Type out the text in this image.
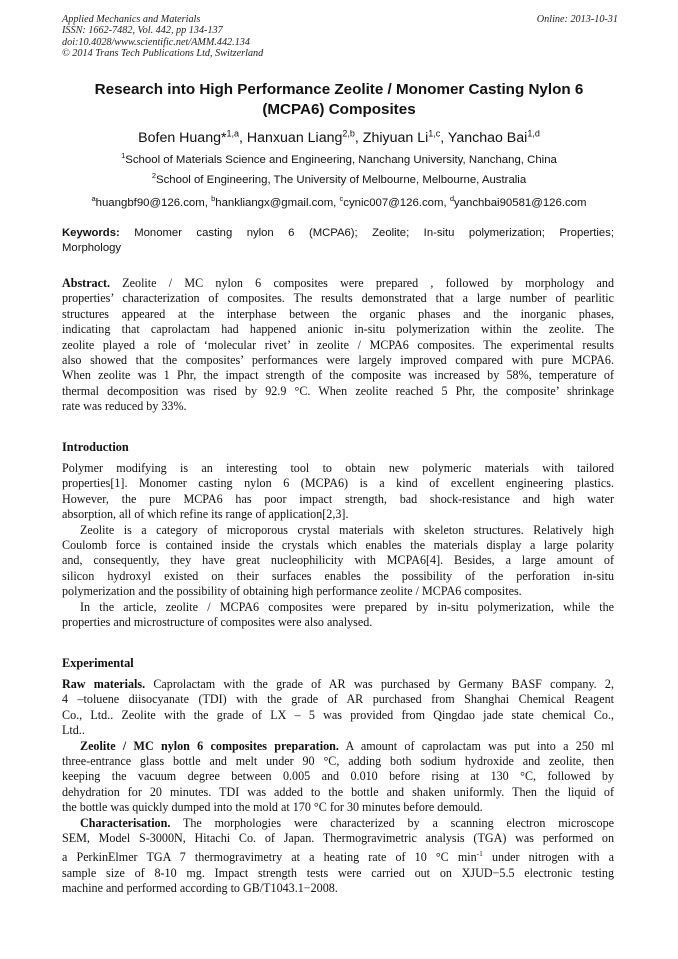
Applied Mechanics and Materials
ISSN: 1662-7482, Vol. 442, pp 134-137
doi:10.4028/www.scientific.net/AMM.442.134
© 2014 Trans Tech Publications Ltd, Switzerland
Online: 2013-10-31
Research into High Performance Zeolite / Monomer Casting Nylon 6
(MCPA6) Composites
Bofen Huang*$^{1,a}$, Hanxuan Liang$^{2,b}$, Zhiyuan Li$^{1,c}$, Yanchao Bai$^{1,d}$
$^1$School of Materials Science and Engineering, Nanchang University, Nanchang, China
$^2$School of Engineering, The University of Melbourne, Melbourne, Australia
$^a$huangbf90@126.com, $^b$hankliangx@gmail.com, $^c$cynic007@126.com, $^d$yanchbai90581@126.com
Keywords: Monomer casting nylon 6 (MCPA6); Zeolite; In-situ polymerization; Properties;
Morphology
Abstract. Zeolite / MC nylon 6 composites were prepared , followed by morphology and
properties’ characterization of composites. The results demonstrated that a large number of pearlitic
structures appeared at the interphase between the organic phases and the inorganic phases,
indicating that caprolactam had happened anionic in-situ polymerization within the zeolite. The
zeolite played a role of ‘molecular rivet’ in zeolite / MCPA6 composites. The experimental results
also showed that the composites’ performances were largely improved compared with pure MCPA6.
When zeolite was 1 Phr, the impact strength of the composite was increased by 58%, temperature of
thermal decomposition was rised by 92.9 °C. When zeolite reached 5 Phr, the composite’ shrinkage
rate was reduced by 33%.
Introduction
Polymer modifying is an interesting tool to obtain new polymeric materials with tailored
properties[1]. Monomer casting nylon 6 (MCPA6) is a kind of excellent engineering plastics.
However, the pure MCPA6 has poor impact strength, bad shock-resistance and high water
absorption, all of which refine its range of application[2,3].
Zeolite is a category of microporous crystal materials with skeleton structures. Relatively high
Coulomb force is contained inside the crystals which enables the materials display a large polarity
and, consequently, they have great nucleophilicity with MCPA6[4]. Besides, a large amount of
silicon hydroxyl existed on their surfaces enables the possibility of the perforation in-situ
polymerization and the possibility of obtaining high performance zeolite / MCPA6 composites.
In the article, zeolite / MCPA6 composites were prepared by in-situ polymerization, while the
properties and microstructure of composites were also analysed.
Experimental
Raw materials. Caprolactam with the grade of AR was purchased by Germany BASF company. 2,
4 –toluene diisocyanate (TDI) with the grade of AR purchased from Shanghai Chemical Reagent
Co., Ltd.. Zeolite with the grade of LX – 5 was provided from Qingdao jade state chemical Co.,
Ltd..
Zeolite / MC nylon 6 composites preparation. A amount of caprolactam was put into a 250 ml
three-entrance glass bottle and melt under 90 °C, adding both sodium hydroxide and zeolite, then
keeping the vacuum degree between 0.005 and 0.010 before rising at 130 °C, followed by
dehydration for 20 minutes. TDI was added to the bottle and shaken uniformly. Then the liquid of
the bottle was quickly dumped into the mold at 170 °C for 30 minutes before demould.
Characterisation. The morphologies were characterized by a scanning electron microscope
SEM, Model S-3000N, Hitachi Co. of Japan. Thermogravimetric analysis (TGA) was performed on
a PerkinElmer TGA 7 thermogravimetry at a heating rate of 10 °C $\min^{-1}$ under nitrogen with a
sample size of 8-10 mg. Impact strength tests were carried out on XJUD−5.5 electronic testing
machine and performed according to GB/T1043.1−2008.
